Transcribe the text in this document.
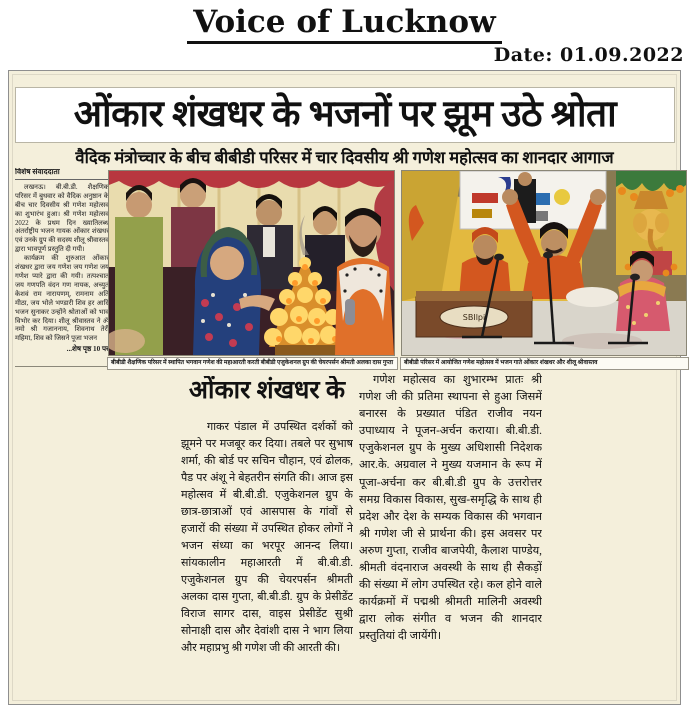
Voice of Lucknow
Date: 01.09.2022
ओंकार शंखधर के भजनों पर झूम उठे श्रोता
वैदिक मंत्रोच्चार के बीच बीबीडी परिसर में चार दिवसीय श्री गणेश महोत्सव का शानदार आगाज
विशेष संवाददाता

लखनऊ। बी.बी.डी. शैक्षणिक परिसर में बुधवार को वैदिक अनुष्ठान के बीच चार दिवसीय श्री गणेश महोत्सव का शुभारंभ हुआ। श्री गणेश महोत्सव 2022 के प्रथम दिन ख्यातिलब्ध अंतर्राष्ट्रीय भजन गायक ओंकार शंखधर एवं उनके ग्रुप की सदस्य शीलू श्रीवास्तव द्वारा भावपूर्ण प्रस्तुति दी गयी।

कार्यक्रम की शुरुआत ओंकार शंखधर द्वारा जय गणेश जय गणेश जय गणेश प्यारे द्वारा की गयी। तत्पश्चात जय गणपति वंदन गण नायक, अच्युतं केशवं राम नारायणम्, रामनाम अति मीठा, जय भोले भण्डारी शिव हर आदि भजन सुनाकर उन्होंने श्रोताओं को भाव विभोर कर दिया। शीलू श्रीवास्तव ने ॐ नमो श्री गजाननाय, शिवनाथ तेरी महिमा, शिव को जिसने पूजा भजन

...शेष पृष्ठ 10 पर
SBIlpi
बीबीडी शैक्षणिक परिसर में स्थापित भगवान गणेश की महाआरती करती बीबीडी एजुकेशनल ग्रुप की चेयरपर्सन श्रीमती अलका दास गुप्ता	बीबीडी परिसर में आयोजित गणेश महोत्सव में भजन गाते ओंकार शंखधर और शीलू श्रीवास्तव
ओंकार शंखधर के

गाकर पंडाल में उपस्थित दर्शकों को झूमने पर मजबूर कर दिया। तबले पर सुभाष शर्मा, की बोर्ड पर सचिन चौहान, एवं ढोलक, पैड पर अंशू ने बेहतरीन संगति की। आज इस महोत्सव में बी.बी.डी. एजुकेशनल ग्रुप के छात्र-छात्राओं एवं आसपास के गांवों से हजारों की संख्या में उपस्थित होकर लोगों ने भजन संध्या का भरपूर आनन्द लिया। सांयकालीन महाआरती में बी.बी.डी. एजुकेशनल ग्रुप की चेयरपर्सन श्रीमती अलका दास गुप्ता, बी.बी.डी. ग्रुप के प्रेसीडेंट विराज सागर दास, वाइस प्रेसीडेंट सुश्री सोनाक्षी दास और देवांशी दास ने भाग लिया और महाप्रभु श्री गणेश जी की आरती की।

गणेश महोत्सव का शुभारम्भ प्रातः श्री गणेश जी की प्रतिमा स्थापना से हुआ जिसमें बनारस के प्रख्यात पंडित राजीव नयन उपाध्याय ने पूजन-अर्चन कराया। बी.बी.डी. एजुकेशनल ग्रुप के मुख्य अधिशासी निदेशक आर.के. अग्रवाल ने मुख्य यजमान के रूप में पूजा-अर्चना कर बी.बी.डी ग्रुप के उत्तरोत्तर समग्र विकास विकास, सुख-समृद्धि के साथ ही प्रदेश और देश के सम्यक विकास की भगवान श्री गणेश जी से प्रार्थना की। इस अवसर पर अरुण गुप्ता, राजीव बाजपेयी, कैलाश पाण्डेय, श्रीमती वंदनाराज अवस्थी के साथ ही सैकड़ों की संख्या में लोग उपस्थित रहे। कल होने वाले कार्यक्रमों में पद्मश्री श्रीमती मालिनी अवस्थी द्वारा लोक संगीत व भजन की शानदार प्रस्तुतियां दी जायेंगी।
